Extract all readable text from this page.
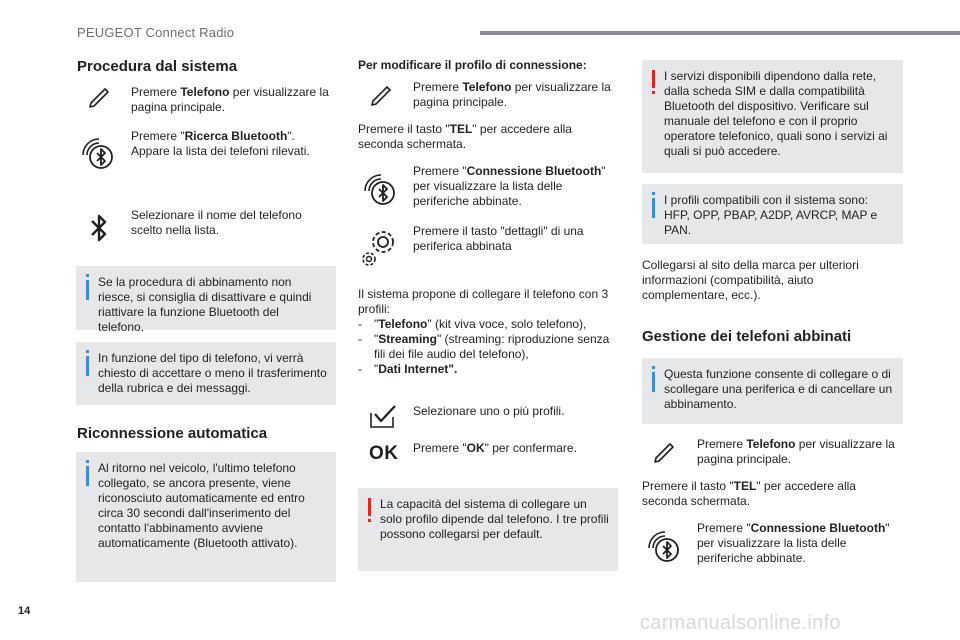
PEUGEOT Connect Radio
Procedura dal sistema
Premere Telefono per visualizzare la pagina principale.
Premere "Ricerca Bluetooth". Appare la lista dei telefoni rilevati.
Selezionare il nome del telefono scelto nella lista.
Se la procedura di abbinamento non riesce, si consiglia di disattivare e quindi riattivare la funzione Bluetooth del telefono.
In funzione del tipo di telefono, vi verrà chiesto di accettare o meno il trasferimento della rubrica e dei messaggi.
Riconnessione automatica
Al ritorno nel veicolo, l'ultimo telefono collegato, se ancora presente, viene riconosciuto automaticamente ed entro circa 30 secondi dall'inserimento del contatto l'abbinamento avviene automaticamente (Bluetooth attivato).
Per modificare il profilo di connessione:
Premere Telefono per visualizzare la pagina principale.
Premere il tasto "TEL" per accedere alla seconda schermata.
Premere "Connessione Bluetooth" per visualizzare la lista delle periferiche abbinate.
Premere il tasto "dettagli" di una periferica abbinata
Il sistema propone di collegare il telefono con 3 profili:
- "Telefono" (kit viva voce, solo telefono),
- "Streaming" (streaming: riproduzione senza fili dei file audio del telefono),
- "Dati Internet".
Selezionare uno o più profili.
OK Premere "OK" per confermare.
La capacità del sistema di collegare un solo profilo dipende dal telefono. I tre profili possono collegarsi per default.
I servizi disponibili dipendono dalla rete, dalla scheda SIM e dalla compatibilità Bluetooth del dispositivo. Verificare sul manuale del telefono e con il proprio operatore telefonico, quali sono i servizi ai quali si può accedere.
I profili compatibili con il sistema sono: HFP, OPP, PBAP, A2DP, AVRCP, MAP e PAN.
Collegarsi al sito della marca per ulteriori informazioni (compatibilità, aiuto complementare, ecc.).
Gestione dei telefoni abbinati
Questa funzione consente di collegare o di scollegare una periferica e di cancellare un abbinamento.
Premere Telefono per visualizzare la pagina principale.
Premere il tasto "TEL" per accedere alla seconda schermata.
Premere "Connessione Bluetooth" per visualizzare la lista delle periferiche abbinate.
14
carmanualsonline.info
